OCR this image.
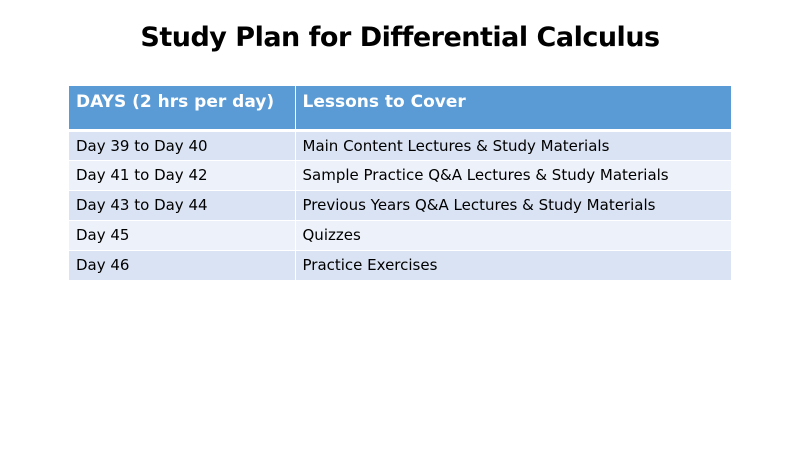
Study Plan for Differential Calculus
DAYS (2 hrs per day)	Lessons to Cover
Day 39 to Day 40	Main Content Lectures & Study Materials
Day 41 to Day 42	Sample Practice Q&A Lectures & Study Materials
Day 43 to Day 44	Previous Years Q&A Lectures & Study Materials
Day 45	Quizzes
Day 46	Practice Exercises
